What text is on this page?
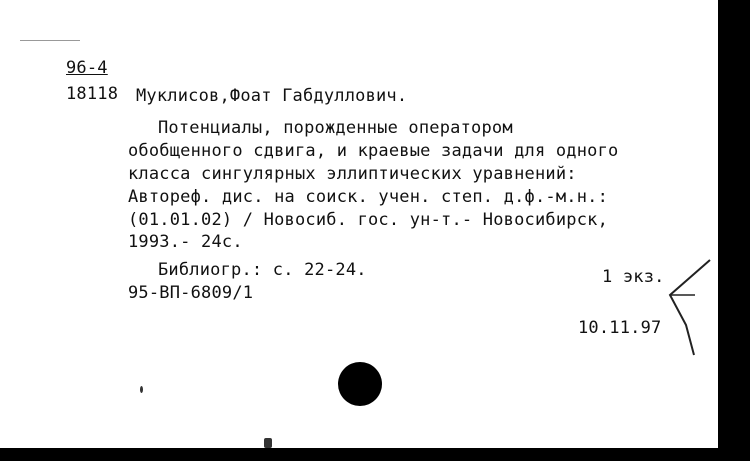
96-4
18118 Муклисов,Фоат Габдуллович.
Потенциалы, порожденные оператором
обобщенного сдвига, и краевые задачи для одного
класса сингулярных эллиптических уравнений:
Автореф. дис. на соиск. учен. степ. д.ф.-м.н.:
(01.01.02) / Новосиб. гос. ун-т.- Новосибирск,
1993.- 24с.
Библиогр.: с. 22-24.	1 экз.
95-ВП-6809/1
10.11.97
